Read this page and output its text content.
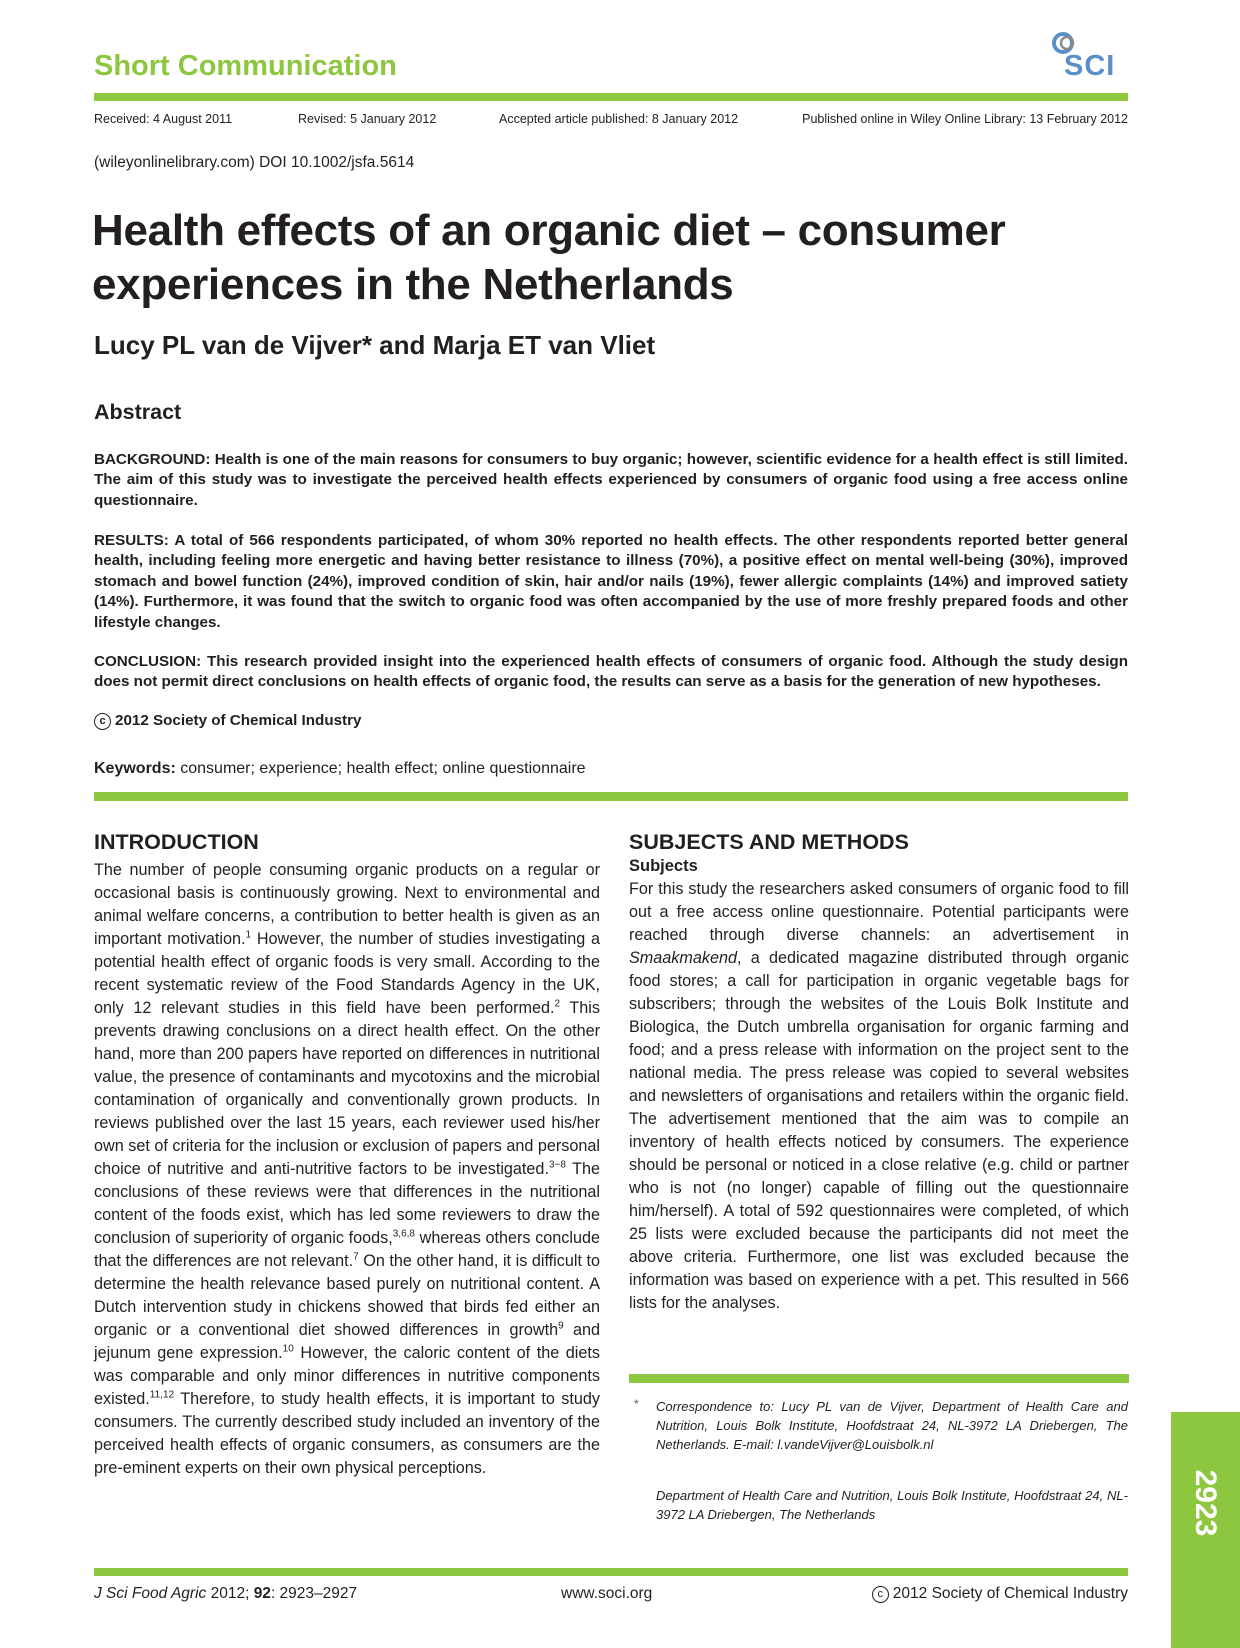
Short Communication	SCI
Received: 4 August 2011	Revised: 5 January 2012	Accepted article published: 8 January 2012	Published online in Wiley Online Library: 13 February 2012
(wileyonlinelibrary.com) DOI 10.1002/jsfa.5614
Health effects of an organic diet – consumer
experiences in the Netherlands
Lucy PL van de Vijver* and Marja ET van Vliet
Abstract

BACKGROUND: Health is one of the main reasons for consumers to buy organic; however, scientific evidence for a health effect is still limited. The aim of this study was to investigate the perceived health effects experienced by consumers of organic food using a free access online questionnaire.

RESULTS: A total of 566 respondents participated, of whom 30% reported no health effects. The other respondents reported better general health, including feeling more energetic and having better resistance to illness (70%), a positive effect on mental well-being (30%), improved stomach and bowel function (24%), improved condition of skin, hair and/or nails (19%), fewer allergic complaints (14%) and improved satiety (14%). Furthermore, it was found that the switch to organic food was often accompanied by the use of more freshly prepared foods and other lifestyle changes.

CONCLUSION: This research provided insight into the experienced health effects of consumers of organic food. Although the study design does not permit direct conclusions on health effects of organic food, the results can serve as a basis for the generation of new hypotheses.

c 2012 Society of Chemical Industry
Keywords: consumer; experience; health effect; online questionnaire
INTRODUCTION
The number of people consuming organic products on a regular or occasional basis is continuously growing. Next to environmental and animal welfare concerns, a contribution to better health is given as an important motivation.$^1$ However, the number of studies investigating a potential health effect of organic foods is very small. According to the recent systematic review of the Food Standards Agency in the UK, only 12 relevant studies in this field have been performed.$^2$ This prevents drawing conclusions on a direct health effect. On the other hand, more than 200 papers have reported on differences in nutritional value, the presence of contaminants and mycotoxins and the microbial contamination of organically and conventionally grown products. In reviews published over the last 15 years, each reviewer used his/her own set of criteria for the inclusion or exclusion of papers and personal choice of nutritive and anti-nutritive factors to be investigated.$^{3-8}$ The conclusions of these reviews were that differences in the nutritional content of the foods exist, which has led some reviewers to draw the conclusion of superiority of organic foods,$^{3,6,8}$ whereas others conclude that the differences are not relevant.$^7$ On the other hand, it is difficult to determine the health relevance based purely on nutritional content. A Dutch intervention study in chickens showed that birds fed either an organic or a conventional diet showed differences in growth$^9$ and jejunum gene expression.$^{10}$ However, the caloric content of the diets was comparable and only minor differences in nutritive components existed.$^{11,12}$ Therefore, to study health effects, it is important to study consumers. The currently described study included an inventory of the perceived health effects of organic consumers, as consumers are the pre-eminent experts on their own physical perceptions.
SUBJECTS AND METHODS
Subjects
For this study the researchers asked consumers of organic food to fill out a free access online questionnaire. Potential participants were reached through diverse channels: an advertisement in Smaakmakend, a dedicated magazine distributed through organic food stores; a call for participation in organic vegetable bags for subscribers; through the websites of the Louis Bolk Institute and Biologica, the Dutch umbrella organisation for organic farming and food; and a press release with information on the project sent to the national media. The press release was copied to several websites and newsletters of organisations and retailers within the organic field. The advertisement mentioned that the aim was to compile an inventory of health effects noticed by consumers. The experience should be personal or noticed in a close relative (e.g. child or partner who is not (no longer) capable of filling out the questionnaire him/herself). A total of 592 questionnaires were completed, of which 25 lists were excluded because the participants did not meet the above criteria. Furthermore, one list was excluded because the information was based on experience with a pet. This resulted in 566 lists for the analyses.
* Correspondence to: Lucy PL van de Vijver, Department of Health Care and Nutrition, Louis Bolk Institute, Hoofdstraat 24, NL-3972 LA Driebergen, The Netherlands. E-mail: l.vandeVijver@Louisbolk.nl
Department of Health Care and Nutrition, Louis Bolk Institute, Hoofdstraat 24, NL-3972 LA Driebergen, The Netherlands
J Sci Food Agric 2012; 92: 2923–2927	www.soci.org	c 2012 Society of Chemical Industry
2923
